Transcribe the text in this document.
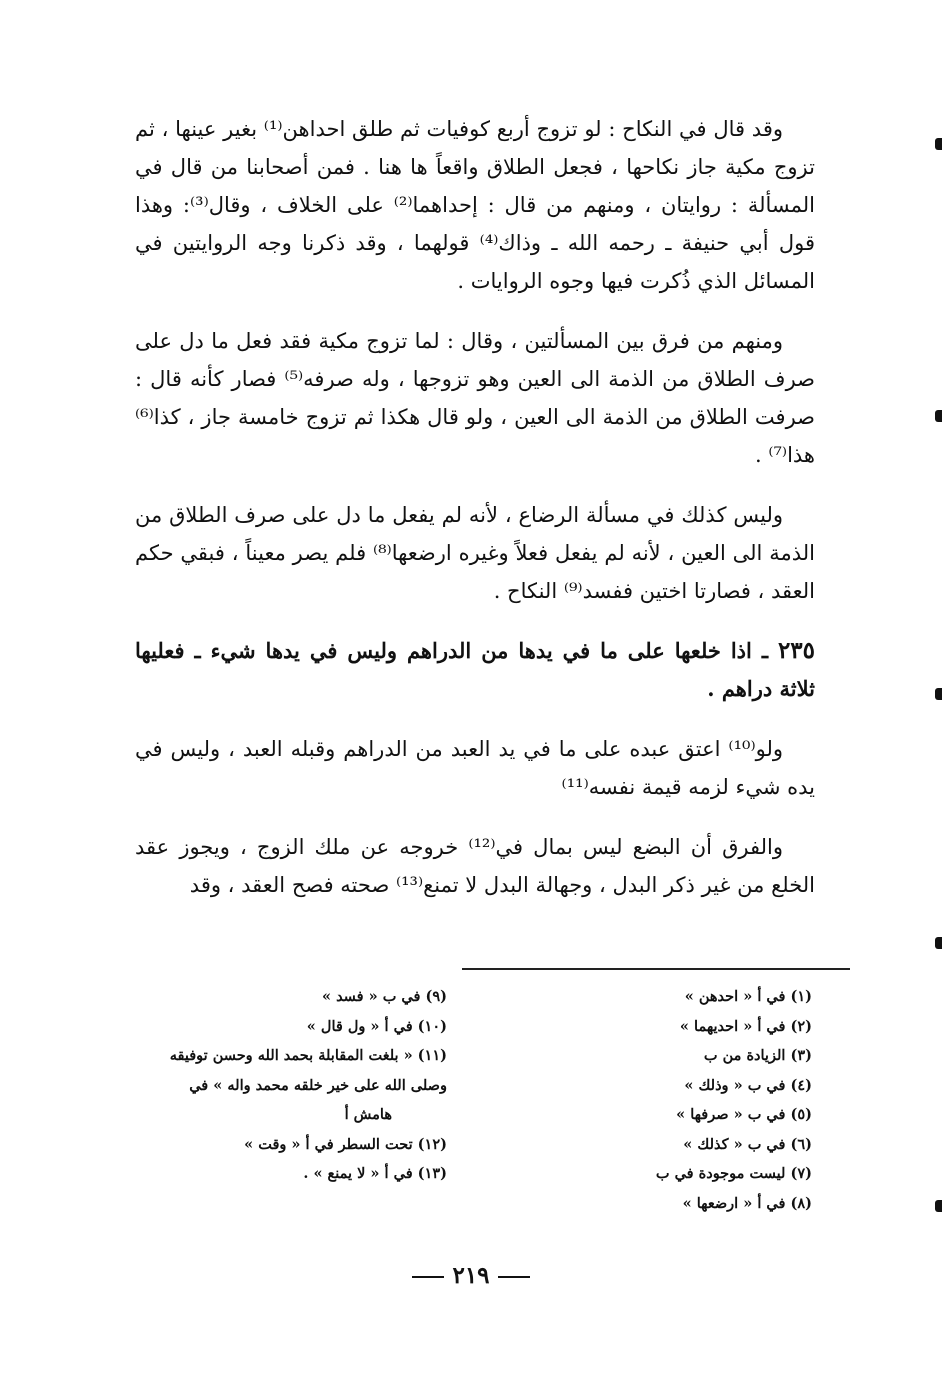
وقد قال في النكاح : لو تزوج أربع كوفيات ثم طلق احداهن⁽¹⁾ بغير عينها ، ثم تزوج مكية جاز نكاحها ، فجعل الطلاق واقعاً ها هنا . فمن أصحابنا من قال في المسألة : روايتان ، ومنهم من قال : إحداهما⁽²⁾ على الخلاف ، وقال⁽³⁾: وهذا قول أبي حنيفة ـ رحمه الله ـ وذاك⁽⁴⁾ قولهما ، وقد ذكرنا وجه الروايتين في المسائل الذي ذُكرت فيها وجوه الروايات .

ومنهم من فرق بين المسألتين ، وقال : لما تزوج مكية فقد فعل ما دل على صرف الطلاق من الذمة الى العين وهو تزوجها ، وله صرفه⁽⁵⁾ فصار كأنه قال : صرفت الطلاق من الذمة الى العين ، ولو قال هكذا ثم تزوج خامسة جاز ، كذا⁽⁶⁾ هذا⁽⁷⁾ .

وليس كذلك في مسألة الرضاع ، لأنه لم يفعل ما دل على صرف الطلاق من الذمة الى العين ، لأنه لم يفعل فعلاً وغيره ارضعها⁽⁸⁾ فلم يصر معيناً ، فبقي حكم العقد ، فصارتا اختين ففسد⁽⁹⁾ النكاح .

٢٣٥ ـ اذا خلعها على ما في يدها من الدراهم وليس في يدها شيء ـ فعليها ثلاثة دراهم .

ولو⁽¹⁰⁾ اعتق عبده على ما في يد العبد من الدراهم وقبله العبد ، وليس في يده شيء لزمه قيمة نفسه⁽¹¹⁾

والفرق أن البضع ليس بمال في⁽¹²⁾ خروجه عن ملك الزوج ، ويجوز عقد الخلع من غير ذكر البدل ، وجهالة البدل لا تمنع⁽¹³⁾ صحته فصح العقد ، وقد

(١) في أ « احدهن »
(٢) في أ « احديهما »
(٣) الزيادة من ب
(٤) في ب « وذلك »
(٥) في ب « صرفها »
(٦) في ب « كذلك »
(٧) ليست موجودة في ب
(٨) في أ « ارضعها »
(٩) في ب « فسد »
(١٠) في أ « ول قال »
(١١) « بلغت المقابلة بحمد الله وحسن توفيقه وصلى الله على خير خلقه محمد واله » في
هامش أ
(١٢) تحت السطر في أ « وقت »
(١٣) في أ « لا يمنع » .
٢١٩
